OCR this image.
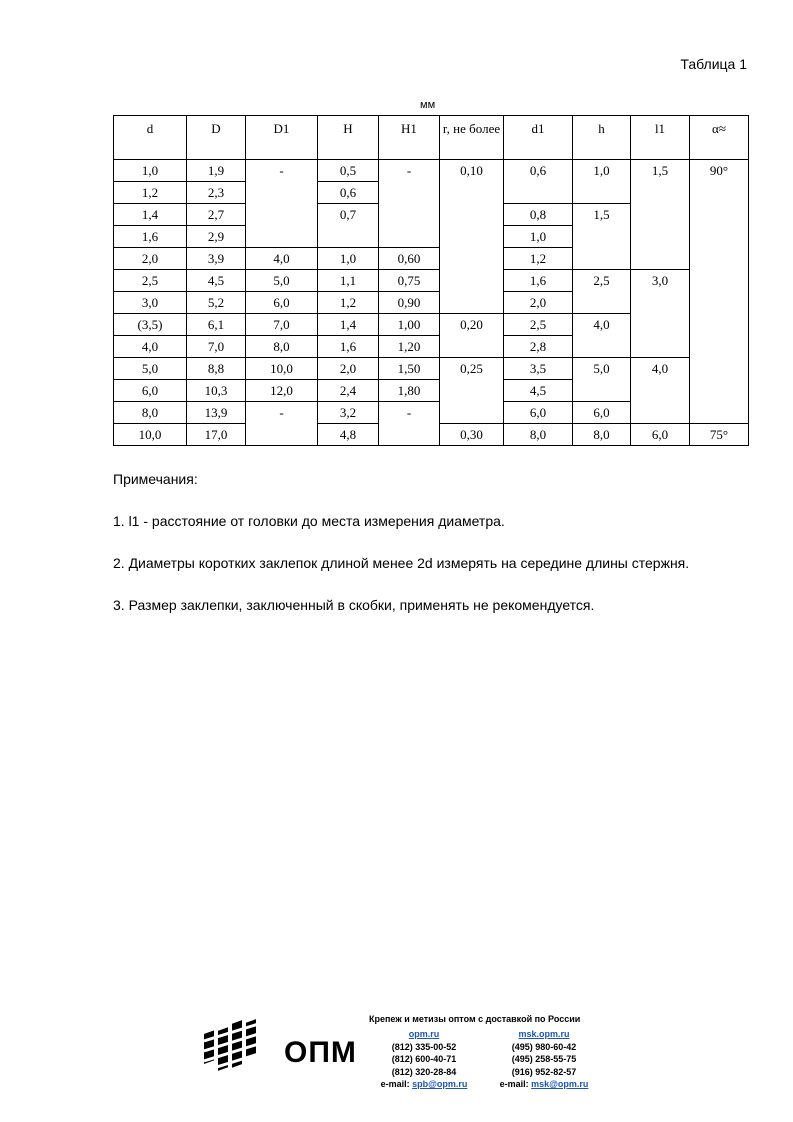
Таблица 1
мм
d	D	D1	H	H1	r, не более	d1	h	l1	α≈
1,0	1,9	-	0,5	-	0,10	0,6	1,0	1,5	90°
1,2	2,3		0,6						
1,4	2,7		0,7			0,8	1,5		
1,6	2,9					1,0			
2,0	3,9	4,0	1,0	0,60		1,2			
2,5	4,5	5,0	1,1	0,75		1,6	2,5	3,0	
3,0	5,2	6,0	1,2	0,90		2,0			
(3,5)	6,1	7,0	1,4	1,00	0,20	2,5	4,0		
4,0	7,0	8,0	1,6	1,20		2,8			
5,0	8,8	10,0	2,0	1,50	0,25	3,5	5,0	4,0	
6,0	10,3	12,0	2,4	1,80		4,5			
8,0	13,9	-	3,2	-		6,0	6,0		
10,0	17,0		4,8		0,30	8,0	8,0	6,0	75°

Примечания:

1. l1 - расстояние от головки до места измерения диаметра.

2. Диаметры коротких заклепок длиной менее 2d измерять на середине длины стержня.

3. Размер заклепки, заключенный в скобки, применять не рекомендуется.

ОПМ
Крепеж и метизы оптом с доставкой по России
opm.ru
(812) 335-00-52
(812) 600-40-71
(812) 320-28-84
e-mail: spb@opm.ru
msk.opm.ru
(495) 980-60-42
(495) 258-55-75
(916) 952-82-57
e-mail: msk@opm.ru
